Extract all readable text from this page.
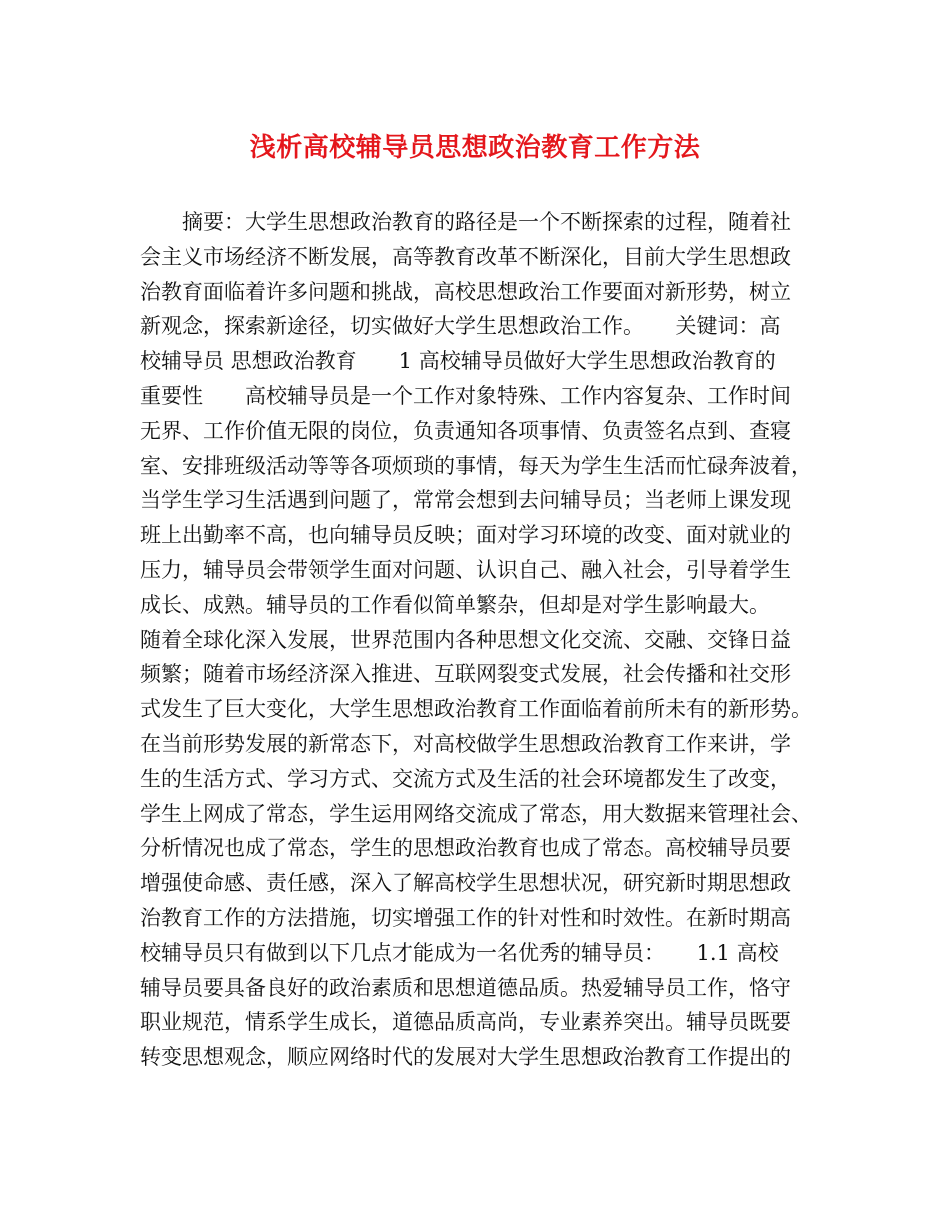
浅析高校辅导员思想政治教育工作方法
　　摘要：大学生思想政治教育的路径是一个不断探索的过程，随着社
会主义市场经济不断发展，高等教育改革不断深化，目前大学生思想政
治教育面临着许多问题和挑战，高校思想政治工作要面对新形势，树立
新观念，探索新途径，切实做好大学生思想政治工作。　　关键词：高
校辅导员 思想政治教育　　1 高校辅导员做好大学生思想政治教育的
重要性　　高校辅导员是一个工作对象特殊、工作内容复杂、工作时间
无界、工作价值无限的岗位，负责通知各项事情、负责签名点到、查寝
室、安排班级活动等等各项烦琐的事情，每天为学生生活而忙碌奔波着，
当学生学习生活遇到问题了，常常会想到去问辅导员；当老师上课发现
班上出勤率不高，也向辅导员反映；面对学习环境的改变、面对就业的
压力，辅导员会带领学生面对问题、认识自己、融入社会，引导着学生
成长、成熟。辅导员的工作看似简单繁杂，但却是对学生影响最大。
随着全球化深入发展，世界范围内各种思想文化交流、交融、交锋日益
频繁；随着市场经济深入推进、互联网裂变式发展，社会传播和社交形
式发生了巨大变化，大学生思想政治教育工作面临着前所未有的新形势。
在当前形势发展的新常态下，对高校做学生思想政治教育工作来讲，学
生的生活方式、学习方式、交流方式及生活的社会环境都发生了改变，
学生上网成了常态，学生运用网络交流成了常态，用大数据来管理社会、
分析情况也成了常态，学生的思想政治教育也成了常态。高校辅导员要
增强使命感、责任感，深入了解高校学生思想状况，研究新时期思想政
治教育工作的方法措施，切实增强工作的针对性和时效性。在新时期高
校辅导员只有做到以下几点才能成为一名优秀的辅导员：　　1.1 高校
辅导员要具备良好的政治素质和思想道德品质。热爱辅导员工作，恪守
职业规范，情系学生成长，道德品质高尚，专业素养突出。辅导员既要
转变思想观念，顺应网络时代的发展对大学生思想政治教育工作提出的
